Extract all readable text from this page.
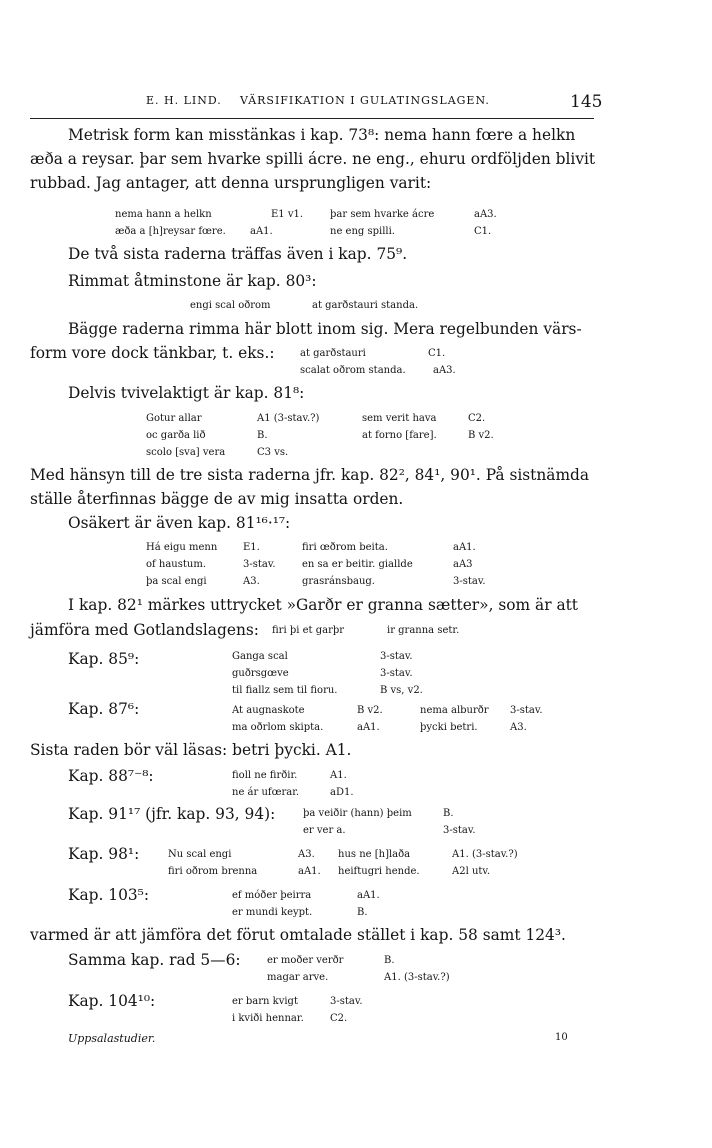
E. H. LIND. VÄRSIFIKATION I GULATINGSLAGEN.	145
Metrisk form kan misstänkas i kap. 73⁸: nema hann fœre a helkn
æða a reysar. þar sem hvarke spilli ácre. ne eng., ehuru ordföljden blivit
rubbad. Jag antager, att denna ursprungligen varit:
nema hann a helkn	E1 v1.	þar sem hvarke ácre	aA3.
æða a [h]reysar fœre. aA1.	ne eng spilli.	C1.
De två sista raderna träffas även i kap. 75⁹.
Rimmat åtminstone är kap. 80³:
engi scal oðrom	at garðstauri standa.
Bägge raderna rimma här blott inom sig. Mera regelbunden värs-
form vore dock tänkbar, t. eks.:	at garðstauri	C1.
scalat oðrom standa.	aA3.
Delvis tvivelaktigt är kap. 81⁸:
Gotur allar	A1 (3-stav.?)	sem verit hava	C2.
oc garða lið	B.	at forno [fare].	B v2.
scolo [sva] vera	C3 vs.
Med hänsyn till de tre sista raderna jfr. kap. 82², 84¹, 90¹. På sistnämda
ställe återfinnas bägge de av mig insatta orden.
Osäkert är även kap. 81¹⁶·¹⁷:
Há eigu menn	E1.	firi œðrom beita.	aA1.
of haustum.	3-stav.	en sa er beitir. giallde	aA3
þa scal engi	A3.	grasránsbaug.	3-stav.
I kap. 82¹ märkes uttrycket »Garðr er granna sætter», som är att
jämföra med Gotlandslagens: firi þi et garþr	ir granna setr.
Kap. 85⁹:	Ganga scal	3-stav.
guðrsgœve	3-stav.
til fiallz sem til fioru.	B vs, v2.
Kap. 87⁶:	At augnaskote	B v2.	nema alburðr 3-stav.
ma oðrlom skipta.	aA1.	þycki betri.	A3.
Sista raden bör väl läsas: betri þycki. A1.
Kap. 88⁷⁻⁸:	fioll ne firðir.	A1.
ne ár ufœrar.	aD1.
Kap. 91¹⁷ (jfr. kap. 93, 94):	þa veiðir (hann) þeim	B.
er ver a.	3-stav.
Kap. 98¹:	Nu scal engi	A3. hus ne [h]laða	A1. (3-stav.?)
firi oðrom brenna	aA1. heiftugri hende.	A2l utv.
Kap. 103⁵:	ef móðer þeirra	aA1.
er mundi keypt.	B.
varmed är att jämföra det förut omtalade stället i kap. 58 samt 124³.
Samma kap. rad 5—6:	er moðer verðr	B.
magar arve.	A1. (3-stav.?)
Kap. 104¹⁰:	er barn kvigt	3-stav.
i kviði hennar.	C2.
Uppsalastudier.	10
